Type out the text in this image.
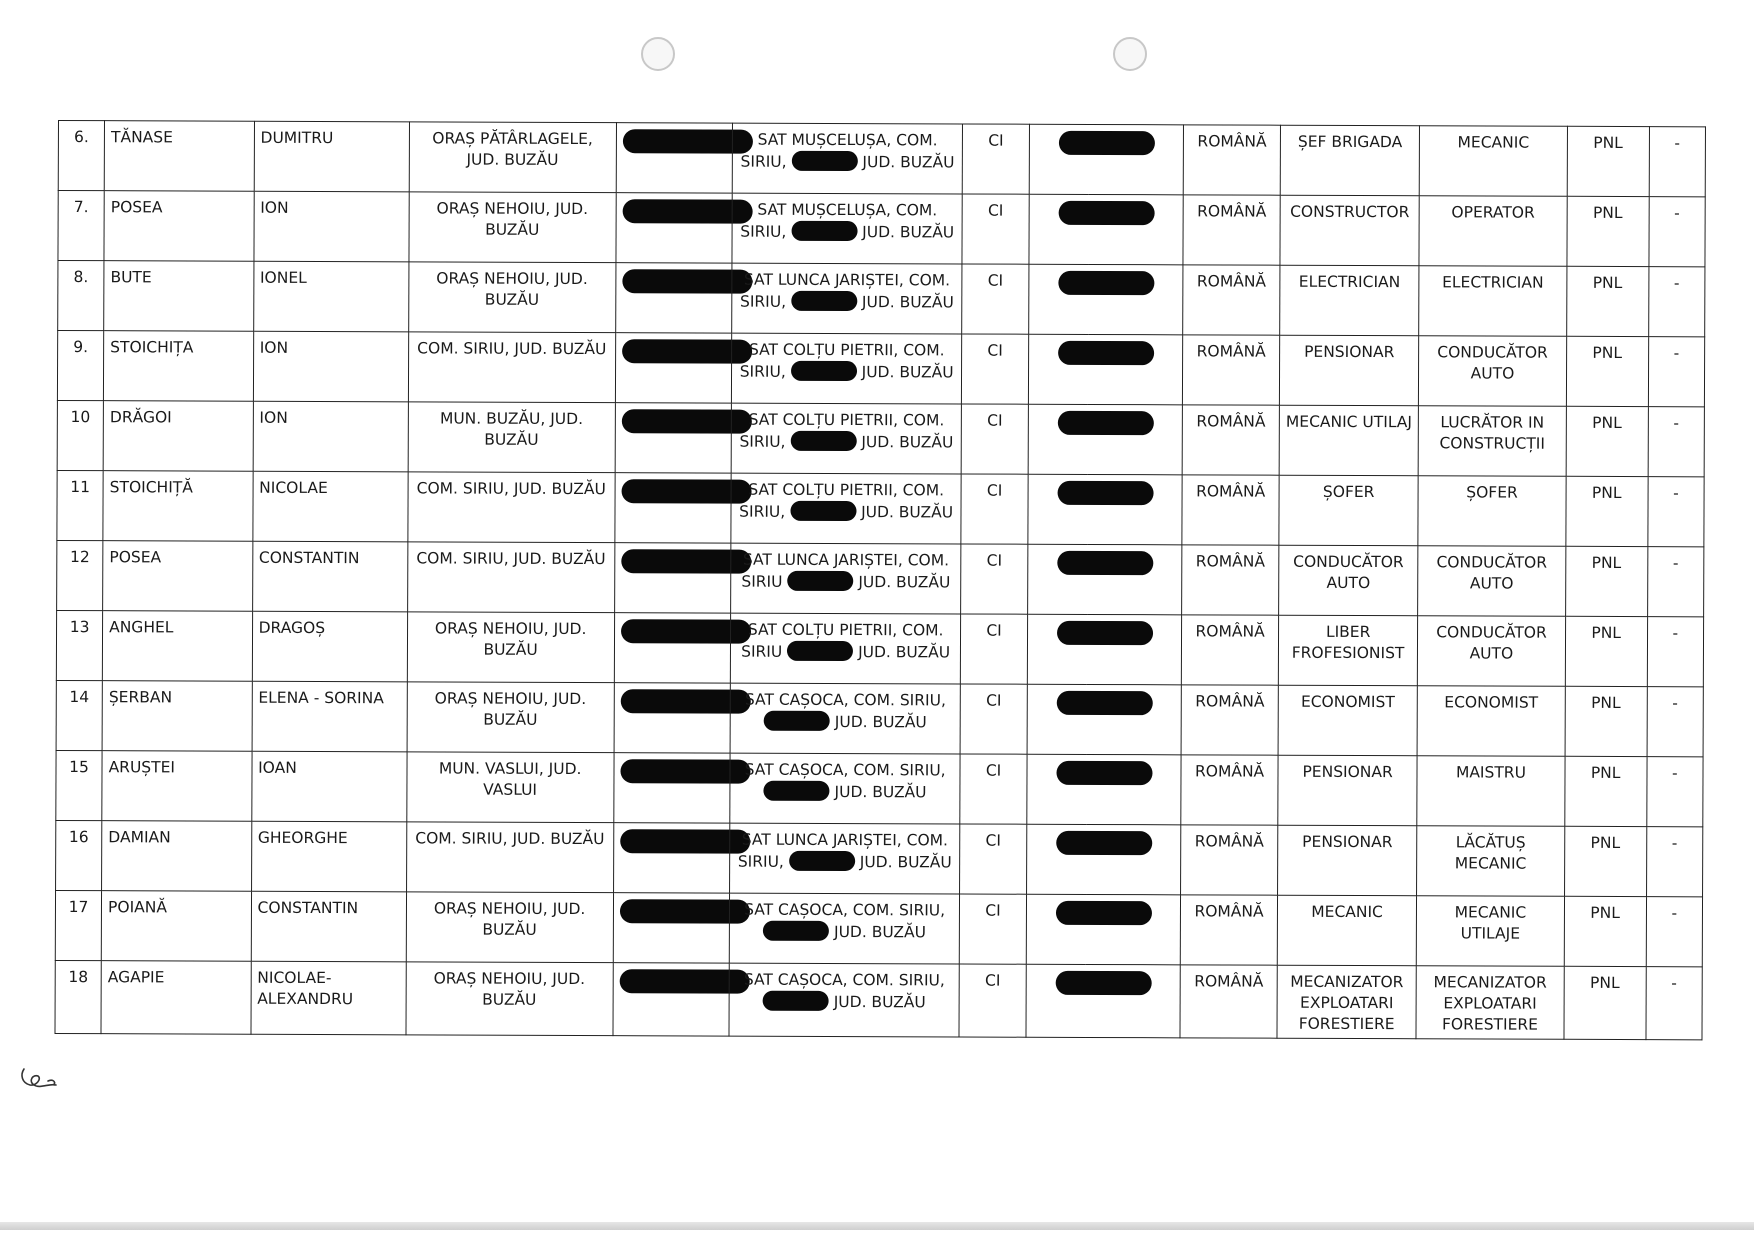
6.	TĂNASE	DUMITRU	ORAȘ PĂTÂRLAGELE, JUD. BUZĂU		SAT MUȘCELUȘA, COM. SIRIU, JUD. BUZĂU	CI		ROMÂNĂ	ȘEF BRIGADA	MECANIC	PNL	-
7.	POSEA	ION	ORAȘ NEHOIU, JUD. BUZĂU		SAT MUȘCELUȘA, COM. SIRIU, JUD. BUZĂU	CI		ROMÂNĂ	CONSTRUCTOR	OPERATOR	PNL	-
8.	BUTE	IONEL	ORAȘ NEHOIU, JUD. BUZĂU		SAT LUNCA JARIȘTEI, COM. SIRIU, JUD. BUZĂU	CI		ROMÂNĂ	ELECTRICIAN	ELECTRICIAN	PNL	-
9.	STOICHIȚA	ION	COM. SIRIU, JUD. BUZĂU		SAT COLȚU PIETRII, COM. SIRIU, JUD. BUZĂU	CI		ROMÂNĂ	PENSIONAR	CONDUCĂTOR AUTO	PNL	-
10	DRĂGOI	ION	MUN. BUZĂU, JUD. BUZĂU		SAT COLȚU PIETRII, COM. SIRIU, JUD. BUZĂU	CI		ROMÂNĂ	MECANIC UTILAJ	LUCRĂTOR IN CONSTRUCȚII	PNL	-
11	STOICHIȚĂ	NICOLAE	COM. SIRIU, JUD. BUZĂU		SAT COLȚU PIETRII, COM. SIRIU, JUD. BUZĂU	CI		ROMÂNĂ	ȘOFER	ȘOFER	PNL	-
12	POSEA	CONSTANTIN	COM. SIRIU, JUD. BUZĂU		SAT LUNCA JARIȘTEI, COM. SIRIU JUD. BUZĂU	CI		ROMÂNĂ	CONDUCĂTOR AUTO	CONDUCĂTOR AUTO	PNL	-
13	ANGHEL	DRAGOȘ	ORAȘ NEHOIU, JUD. BUZĂU		SAT COLȚU PIETRII, COM. SIRIU JUD. BUZĂU	CI		ROMÂNĂ	LIBER FROFESIONIST	CONDUCĂTOR AUTO	PNL	-
14	ȘERBAN	ELENA - SORINA	ORAȘ NEHOIU, JUD. BUZĂU		SAT CAȘOCA, COM. SIRIU,  JUD. BUZĂU	CI		ROMÂNĂ	ECONOMIST	ECONOMIST	PNL	-
15	ARUȘTEI	IOAN	MUN. VASLUI, JUD. VASLUI		SAT CAȘOCA, COM. SIRIU,  JUD. BUZĂU	CI		ROMÂNĂ	PENSIONAR	MAISTRU	PNL	-
16	DAMIAN	GHEORGHE	COM. SIRIU, JUD. BUZĂU		SAT LUNCA JARIȘTEI, COM. SIRIU, JUD. BUZĂU	CI		ROMÂNĂ	PENSIONAR	LĂCĂTUȘ MECANIC	PNL	-
17	POIANĂ	CONSTANTIN	ORAȘ NEHOIU, JUD. BUZĂU		SAT CAȘOCA, COM. SIRIU,  JUD. BUZĂU	CI		ROMÂNĂ	MECANIC	MECANIC UTILAJE	PNL	-
18	AGAPIE	NICOLAE-ALEXANDRU	ORAȘ NEHOIU, JUD. BUZĂU		SAT CAȘOCA, COM. SIRIU,  JUD. BUZĂU	CI		ROMÂNĂ	MECANIZATOR EXPLOATARI FORESTIERE	MECANIZATOR EXPLOATARI FORESTIERE	PNL	-
